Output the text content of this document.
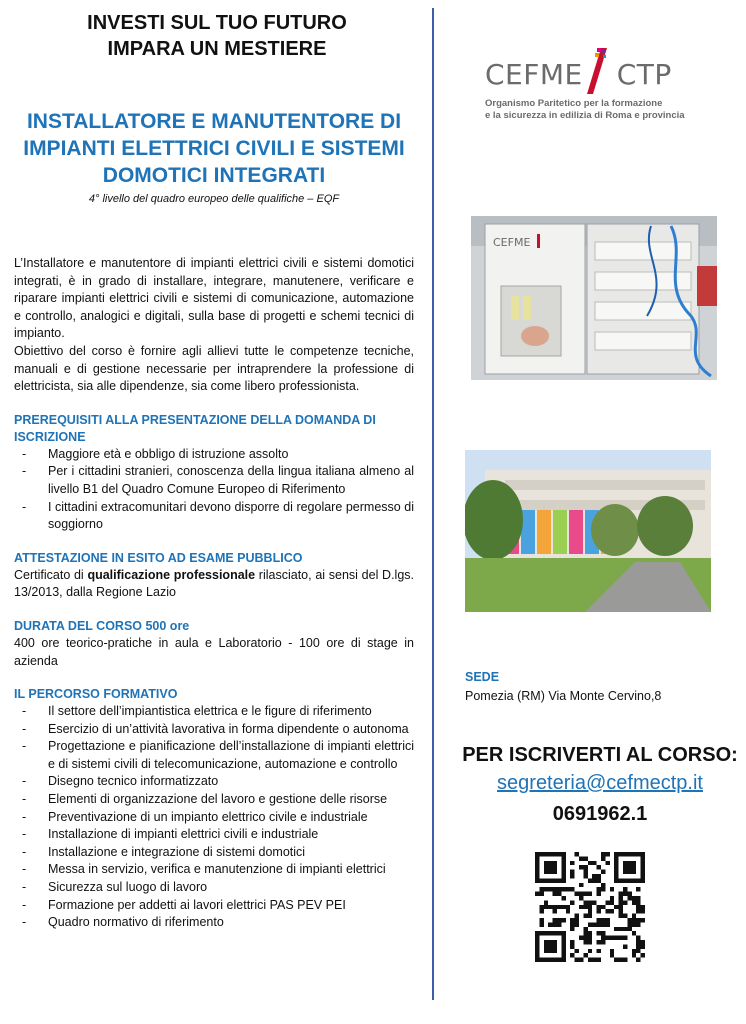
INVESTI SUL TUO FUTURO
IMPARA UN MESTIERE
INSTALLATORE E MANUTENTORE DI IMPIANTI ELETTRICI CIVILI E SISTEMI DOMOTICI INTEGRATI
4° livello del quadro europeo delle qualifiche – EQF

L’Installatore e manutentore di impianti elettrici civili e sistemi domotici integrati, è in grado di installare, integrare, manutenere, verificare e riparare impianti elettrici civili e sistemi di comunicazione, automazione e controllo, analogici e digitali, sulla base di progetti e schemi tecnici di impianto.

Obiettivo del corso è fornire agli allievi tutte le competenze tecniche, manuali e di gestione necessarie per intraprendere la professione di elettricista, sia alle dipendenze, sia come libero professionista.

PREREQUISITI ALLA PRESENTAZIONE DELLA DOMANDA DI ISCRIZIONE
- Maggiore età e obbligo di istruzione assolto
- Per i cittadini stranieri, conoscenza della lingua italiana almeno al livello B1 del Quadro Comune Europeo di Riferimento
- I cittadini extracomunitari devono disporre di regolare permesso di soggiorno
ATTESTAZIONE IN ESITO AD ESAME PUBBLICO

Certificato di qualificazione professionale rilasciato, ai sensi del D.lgs. 13/2013, dalla Regione Lazio

DURATA DEL CORSO 500 ore

400 ore teorico-pratiche in aula e Laboratorio - 100 ore di stage in azienda

IL PERCORSO FORMATIVO
- Il settore dell’impiantistica elettrica e le figure di riferimento
- Esercizio di un’attività lavorativa in forma dipendente o autonoma
- Progettazione e pianificazione dell’installazione di impianti elettrici e di sistemi civili di telecomunicazione, automazione e controllo
- Disegno tecnico informatizzato
- Elementi di organizzazione del lavoro e gestione delle risorse
- Preventivazione di un impianto elettrico civile e industriale
- Installazione di impianti elettrici civili e industriale
- Installazione e integrazione di sistemi domotici
- Messa in servizio, verifica e manutenzione di impianti elettrici
- Sicurezza sul luogo di lavoro
- Formazione per addetti ai lavori elettrici PAS PEV PEI
- Quadro normativo di riferimento
CEFME CTP
Organismo Paritetico per la formazione
e la sicurezza in edilizia di Roma e provincia
CEFME
SEDE
Pomezia (RM) Via Monte Cervino,8
PER ISCRIVERTI AL CORSO:
segreteria@cefmectp.it
0691962.1
